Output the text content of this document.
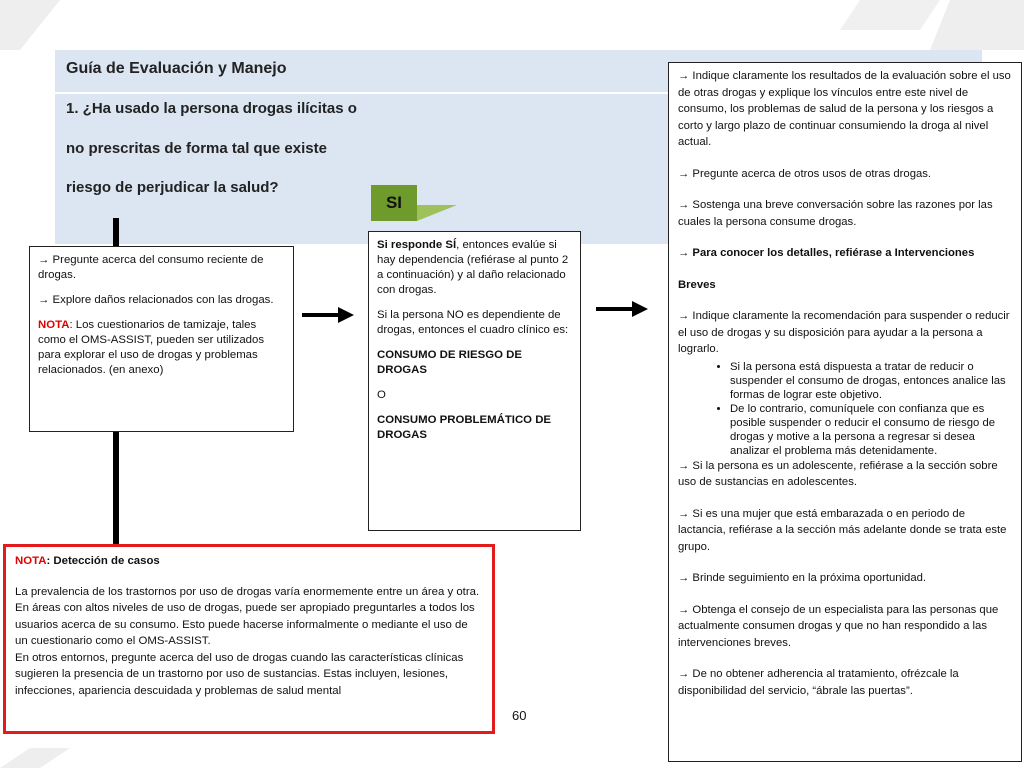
Guía de Evaluación y Manejo
1. ¿Ha usado la persona drogas ilícitas o
no prescritas de forma tal que existe
riesgo de perjudicar la salud?
SI

→ Pregunte acerca del consumo reciente de drogas.

→ Explore daños relacionados con las drogas.

NOTA: Los cuestionarios de tamizaje, tales como el OMS-ASSIST, pueden ser utilizados para explorar el uso de drogas y problemas relacionados. (en anexo)

Si responde SÍ, entonces evalúe si hay dependencia (refiérase al punto 2 a continuación) y al daño relacionado con drogas.

Si la persona NO es dependiente de drogas, entonces el cuadro clínico es:

CONSUMO DE RIESGO DE DROGAS

O

CONSUMO PROBLEMÁTICO DE DROGAS

→ Indique claramente los resultados de la evaluación sobre el uso de otras drogas y explique los vínculos entre este nivel de consumo, los problemas de salud de la persona y los riesgos a corto y largo plazo de continuar consumiendo la droga al nivel actual.

→ Pregunte acerca de otros usos de otras drogas.

→ Sostenga una breve conversación sobre las razones por las cuales la persona consume drogas.

→ Para conocer los detalles, refiérase a Intervenciones

Breves

→ Indique claramente la recomendación para suspender o reducir el uso de drogas y su disposición para ayudar a la persona a lograrlo.

• Si la persona está dispuesta a tratar de reducir o suspender el consumo de drogas, entonces analice las formas de lograr este objetivo.
• De lo contrario, comuníquele con confianza que es posible suspender o reducir el consumo de riesgo de drogas y motive a la persona a regresar si desea analizar el problema más detenidamente.

→ Si la persona es un adolescente, refiérase a la sección sobre uso de sustancias en adolescentes.

→ Si es una mujer que está embarazada o en periodo de lactancia, refiérase a la sección más adelante donde se trata este grupo.

→ Brinde seguimiento en la próxima oportunidad.

→ Obtenga el consejo de un especialista para las personas que actualmente consumen drogas y que no han respondido a las intervenciones breves.

→ De no obtener adherencia al tratamiento, ofrézcale la disponibilidad del servicio, “ábrale las puertas”.

NOTA: Detección de casos
La prevalencia de los trastornos por uso de drogas varía enormemente entre un área y otra. En áreas con altos niveles de uso de drogas, puede ser apropiado preguntarles a todos los usuarios acerca de su consumo. Esto puede hacerse informalmente o mediante el uso de un cuestionario como el OMS-ASSIST.
En otros entornos, pregunte acerca del uso de drogas cuando las características clínicas sugieren la presencia de un trastorno por uso de sustancias. Estas incluyen, lesiones, infecciones, apariencia descuidada y problemas de salud mental
60
